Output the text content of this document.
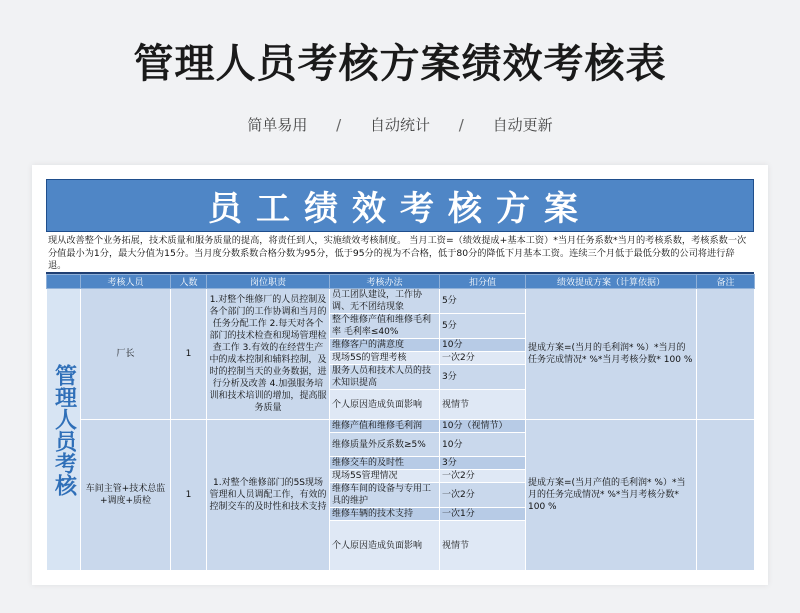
管理人员考核方案绩效考核表
简单易用 / 自动统计 / 自动更新
员工绩效考核方案
现从改善整个业务拓展，技术质量和服务质量的提高，将责任到人，实施绩效考核制度。 当月工资=（绩效提成+基本工资）*当月任务系数*当月的考核系数，考核系数一次分值最小为1分，最大分值为15分。当月度分数系数合格分数为95分，低于95分的视为不合格，低于80分的降低下月基本工资。连续三个月低于最低分数的公司将进行辞退。
	考核人员	人数	岗位职责	考核办法	扣分值	绩效提成方案（计算依据）	备注
管理人员考核	厂长	1	1.对整个维修厂的人员控制及各个部门的工作协调和当月的任务分配工作 2.每天对各个部门的技术检查和现场管理检查工作 3.有效的在经营生产中的成本控制和辅料控制，及时的控制当天的业务数据，进行分析及改善 4.加强服务培训和技术培训的增加，提高服务质量	员工团队建设，工作协调、无不团结现象	5分	提成方案=(当月的毛利润* %）*当月的任务完成情况* %*当月考核分数* 100 %	
				整个维修产值和维修毛利率 毛利率≤40%	5分		
				维修客户的满意度	10分		
				现场5S的管理考核	一次2分		
				服务人员和技术人员的技术知识提高	3分		
				个人原因造成负面影响	视情节		
	车间主管+技术总监+调度+质检	1	1.对整个维修部门的5S现场管理和人员调配工作，有效的控制交车的及时性和技术支持	维修产值和维修毛利润	10分（视情节）	提成方案=(当月产值的毛利润* %）*当月的任务完成情况* %*当月考核分数* 100 %	
				维修质量外反系数≥5%	10分		
				维修交车的及时性	3分		
				现场5S管理情况	一次2分		
				维修车间的设备与专用工具的维护	一次2分		
				维修车辆的技术支持	一次1分		
				个人原因造成负面影响	视情节		
